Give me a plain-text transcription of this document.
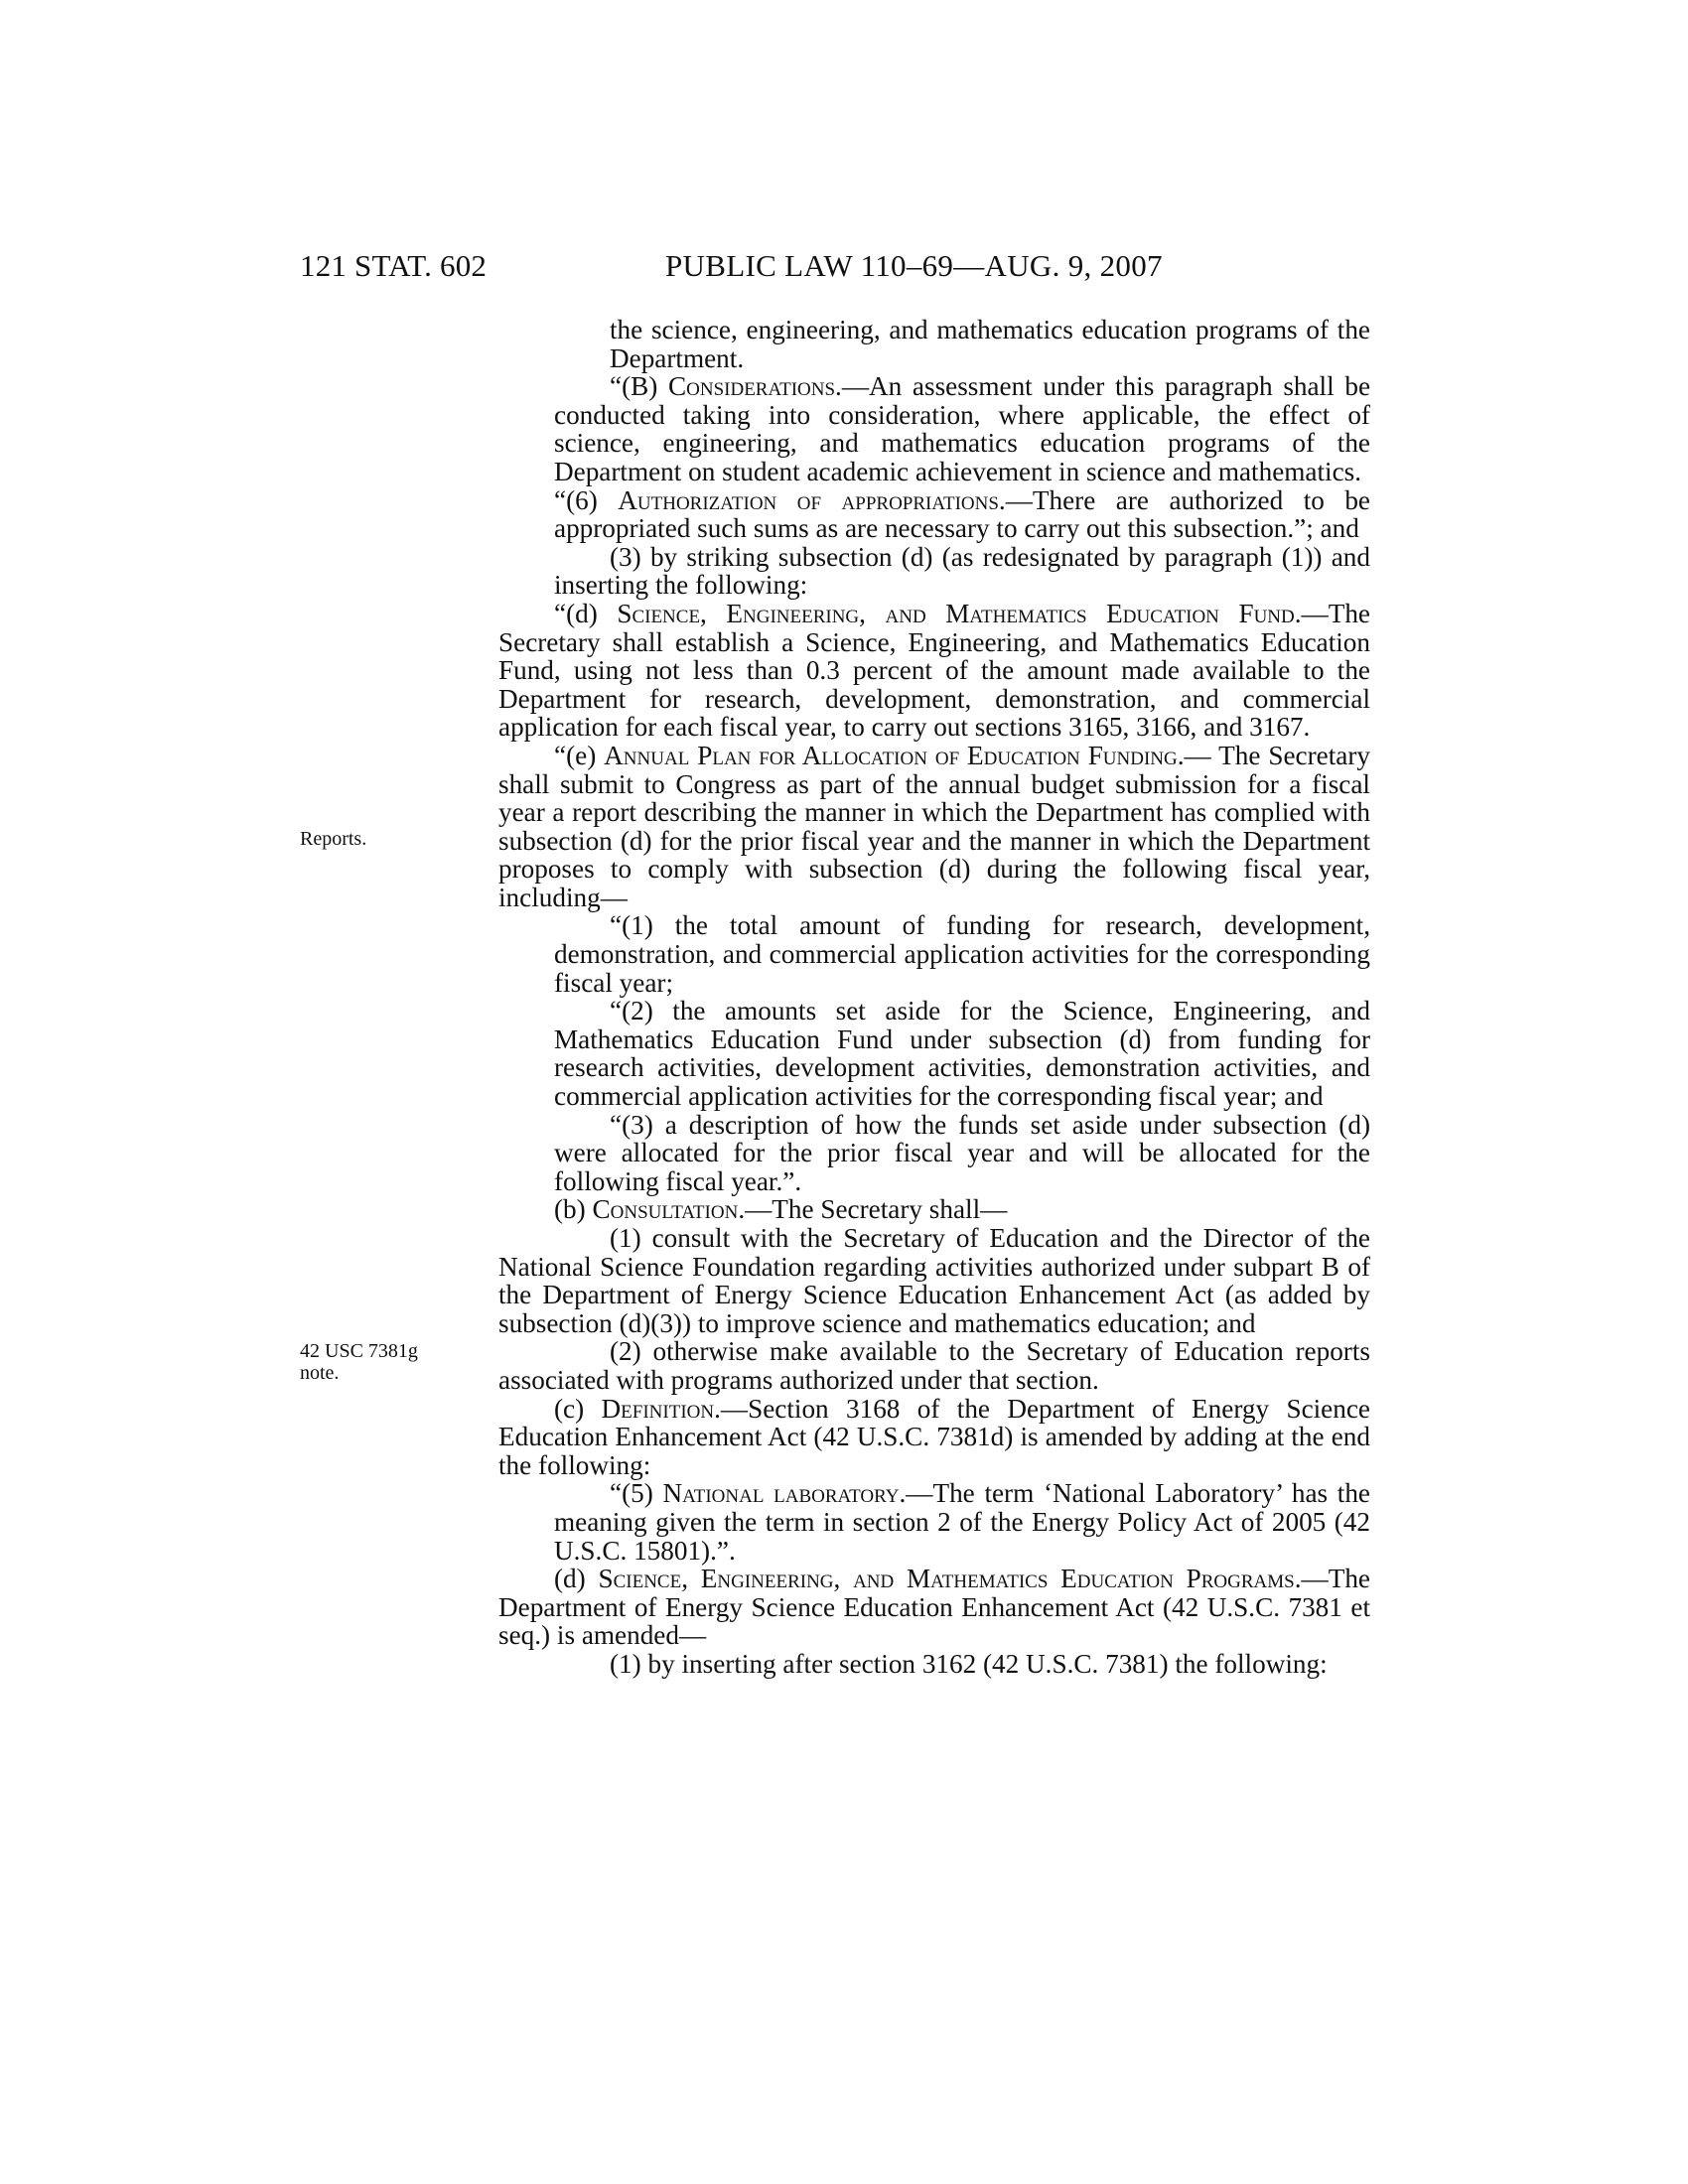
121 STAT. 602	PUBLIC LAW 110–69—AUG. 9, 2007
Reports.
42 USC 7381g
note.

the science, engineering, and mathematics education programs of the Department.

“(B) Considerations.—An assessment under this paragraph shall be conducted taking into consideration, where applicable, the effect of science, engineering, and mathematics education programs of the Department on student academic achievement in science and mathematics.

“(6) Authorization of appropriations.—There are authorized to be appropriated such sums as are necessary to carry out this subsection.”; and

(3) by striking subsection (d) (as redesignated by paragraph (1)) and inserting the following:

“(d) Science, Engineering, and Mathematics Education Fund.—The Secretary shall establish a Science, Engineering, and Mathematics Education Fund, using not less than 0.3 percent of the amount made available to the Department for research, development, demonstration, and commercial application for each fiscal year, to carry out sections 3165, 3166, and 3167.

“(e) Annual Plan for Allocation of Education Funding.— The Secretary shall submit to Congress as part of the annual budget submission for a fiscal year a report describing the manner in which the Department has complied with subsection (d) for the prior fiscal year and the manner in which the Department proposes to comply with subsection (d) during the following fiscal year, including—

“(1) the total amount of funding for research, development, demonstration, and commercial application activities for the corresponding fiscal year;

“(2) the amounts set aside for the Science, Engineering, and Mathematics Education Fund under subsection (d) from funding for research activities, development activities, demonstration activities, and commercial application activities for the corresponding fiscal year; and

“(3) a description of how the funds set aside under subsection (d) were allocated for the prior fiscal year and will be allocated for the following fiscal year.”.

(b) Consultation.—The Secretary shall—

(1) consult with the Secretary of Education and the Director of the National Science Foundation regarding activities authorized under subpart B of the Department of Energy Science Education Enhancement Act (as added by subsection (d)(3)) to improve science and mathematics education; and

(2) otherwise make available to the Secretary of Education reports associated with programs authorized under that section.

(c) Definition.—Section 3168 of the Department of Energy Science Education Enhancement Act (42 U.S.C. 7381d) is amended by adding at the end the following:

“(5) National laboratory.—The term ‘National Laboratory’ has the meaning given the term in section 2 of the Energy Policy Act of 2005 (42 U.S.C. 15801).”.

(d) Science, Engineering, and Mathematics Education Programs.—The Department of Energy Science Education Enhancement Act (42 U.S.C. 7381 et seq.) is amended—

(1) by inserting after section 3162 (42 U.S.C. 7381) the following:
